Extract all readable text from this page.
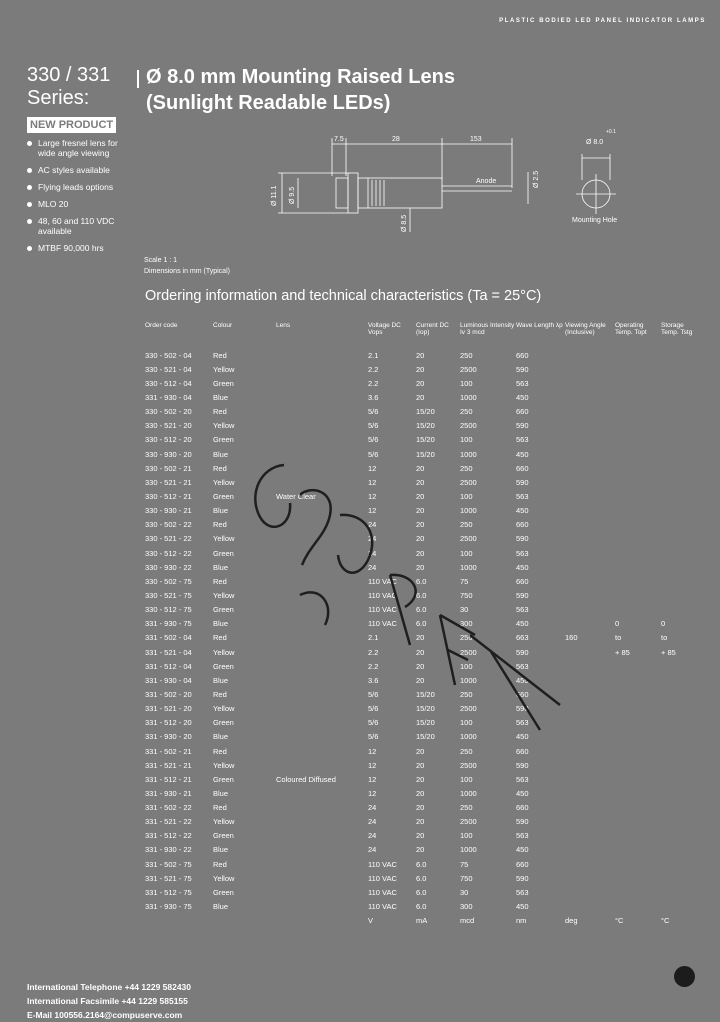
PLASTIC BODIED LED PANEL INDICATOR LAMPS
330 / 331
Series:
Ø 8.0 mm Mounting Raised Lens
(Sunlight Readable LEDs)
NEW PRODUCT
Large fresnel lens for wide angle viewing
AC styles available
Flying leads options
MLO 20
48, 60 and 110 VDC available
MTBF 90,000 hrs
7.5	28	153
Ø 11.1 Ø 9.5
Ø 8.5
Ø 2.5
Anode
Ø 8.0
+0.1
Mounting Hole
Scale 1 : 1
Dimensions in mm (Typical)
Ordering information and technical characteristics (Ta = 25°C)
Order code	Colour	Lens	Voltage DC Vops	Current DC (Iop)	Luminous Intensity Iv 3 mcd	Wave Length λp	Viewing Angle (Inclusive)	Operating Temp. Topt	Storage Temp. Tstg
330 - 502 - 04	Red		2.1	20	250	660			
330 - 521 - 04	Yellow		2.2	20	2500	590			
330 - 512 - 04	Green		2.2	20	100	563			
331 - 930 - 04	Blue		3.6	20	1000	450			
330 - 502 - 20	Red		5/6	15/20	250	660			
330 - 521 - 20	Yellow		5/6	15/20	2500	590			
330 - 512 - 20	Green		5/6	15/20	100	563			
330 - 930 - 20	Blue		5/6	15/20	1000	450			
330 - 502 - 21	Red		12	20	250	660			
330 - 521 - 21	Yellow		12	20	2500	590			
330 - 512 - 21	Green	Water Clear	12	20	100	563			
330 - 930 - 21	Blue		12	20	1000	450			
330 - 502 - 22	Red		24	20	250	660			
330 - 521 - 22	Yellow		24	20	2500	590			
330 - 512 - 22	Green		24	20	100	563			
330 - 930 - 22	Blue		24	20	1000	450			
330 - 502 - 75	Red		110 VAC	6.0	75	660			
330 - 521 - 75	Yellow		110 VAC	6.0	750	590			
330 - 512 - 75	Green		110 VAC	6.0	30	563			
331 - 930 - 75	Blue		110 VAC	6.0	300	450		0	0
331 - 502 - 04	Red		2.1	20	250	663	160	to	to
331 - 521 - 04	Yellow		2.2	20	2500	590		+ 85	+ 85
331 - 512 - 04	Green		2.2	20	100	563			
331 - 930 - 04	Blue		3.6	20	1000	450			
331 - 502 - 20	Red		5/6	15/20	250	660			
331 - 521 - 20	Yellow		5/6	15/20	2500	590			
331 - 512 - 20	Green		5/6	15/20	100	563			
331 - 930 - 20	Blue		5/6	15/20	1000	450			
331 - 502 - 21	Red		12	20	250	660			
331 - 521 - 21	Yellow		12	20	2500	590			
331 - 512 - 21	Green	Coloured Diffused	12	20	100	563			
331 - 930 - 21	Blue		12	20	1000	450			
331 - 502 - 22	Red		24	20	250	660			
331 - 521 - 22	Yellow		24	20	2500	590			
331 - 512 - 22	Green		24	20	100	563			
331 - 930 - 22	Blue		24	20	1000	450			
331 - 502 - 75	Red		110 VAC	6.0	75	660			
331 - 521 - 75	Yellow		110 VAC	6.0	750	590			
331 - 512 - 75	Green		110 VAC	6.0	30	563			
331 - 930 - 75	Blue		110 VAC	6.0	300	450			
			V	mA	mcd	nm	deg	°C	°C
International Telephone +44 1229 582430
International Facsimile +44 1229 585155
E-Mail 100556.2164@compuserve.com
